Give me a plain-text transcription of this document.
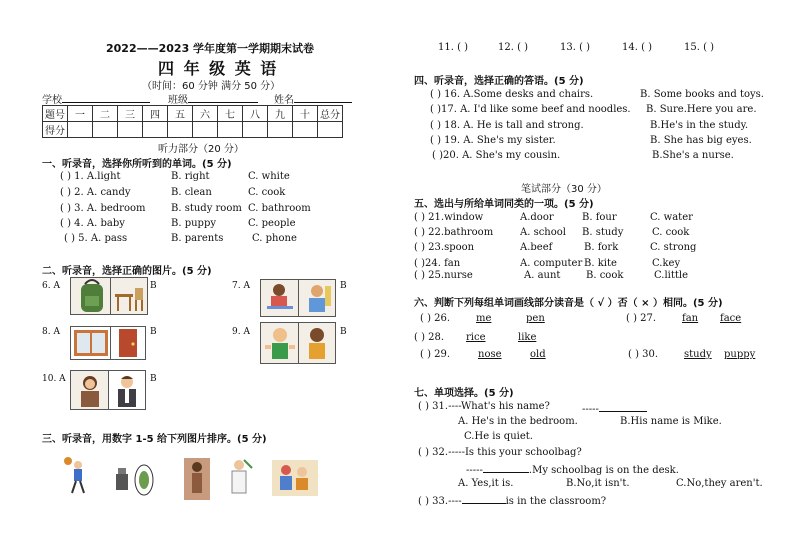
2022——2023 学年度第一学期期末试卷
四 年 级 英 语
（时间：60 分钟 满分 50 分）
学校	班级	姓名
题号	一	二	三	四	五	六	七	八	九	十	总分
得分											
听力部分（20 分）
一、听录音，选择你所听到的单词。(5 分)
( ) 1. A.light	B. right	C. white
( ) 2. A. candy	B. clean	C. cook
( ) 3. A. bedroom	B. study room C. bathroom
( ) 4. A. baby	B. puppy	C. people
( ) 5. A. pass	B. parents	C. phone
二、听录音，选择正确的图片。(5 分)
6. A	B	7. A	B
8. A	B	9. A	B
10. A	B
三、听录音，用数字 1-5 给下列图片排序。(5 分)
11. ( )	12. ( )	13. ( )	14. ( )	15. ( )
四、听录音，选择正确的答语。(5 分)
( ) 16. A.Some desks and chairs.	B. Some books and toys.
( )17. A. I'd like some beef and noodles. B. Sure.Here you are.
( ) 18. A. He is tall and strong.	B.He's in the study.
( ) 19. A. She's my sister.	B. She has big eyes.
( )20. A. She's my cousin.	B.She's a nurse.
笔试部分（30 分）
五、选出与所给单词同类的一项。(5 分)
( ) 21.window	A.door	B. four	C. water
( ) 22.bathroom	A. school B. study	C. cook
( ) 23.spoon	A.beef	B. fork	C. strong
( )24. fan	A. computer B. kite	C.key
( ) 25.nurse	A. aunt	B. cook	C.little
六、判断下列每组单词画线部分读音是（ √ ）否（ × ）相同。(5 分)
( ) 26.	me	pen	( ) 27.	fan face
( ) 28. rice	like
( ) 29.	nose	old	( ) 30.	study puppy
七、单项选择。(5 分)
( ) 31.----What's his name?	-----
A. He's in the bedroom.	B.His name is Mike.
C.He is quiet.
( ) 32.-----Is this your schoolbag?
-----	.My schoolbag is on the desk.
A. Yes,it is.	B.No,it isn't.	C.No,they aren't.
( ) 33.----	is in the classroom?
